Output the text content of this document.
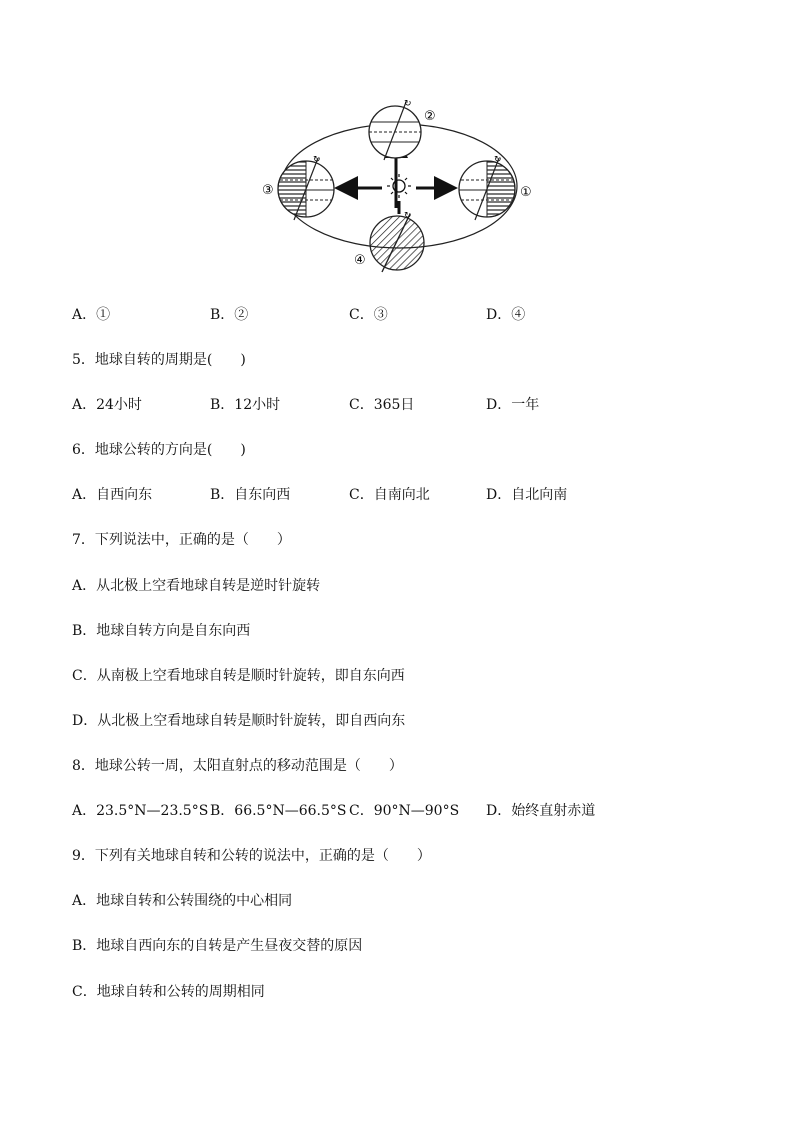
↻
②
↻
③
↻
①
↻
④
A．①	B．②	C．③	D．④
5．地球自转的周期是(　　)
A．24小时	B．12小时	C．365日	D．一年
6．地球公转的方向是(　　)
A．自西向东	B．自东向西	C．自南向北	D．自北向南
7．下列说法中，正确的是（　　）
A．从北极上空看地球自转是逆时针旋转
B．地球自转方向是自东向西
C．从南极上空看地球自转是顺时针旋转，即自东向西
D．从北极上空看地球自转是顺时针旋转，即自西向东
8．地球公转一周，太阳直射点的移动范围是（　　）
A．23.5°N—23.5°S B．66.5°N—66.5°S C．90°N—90°S D．始终直射赤道
9．下列有关地球自转和公转的说法中，正确的是（　　）
A．地球自转和公转围绕的中心相同
B．地球自西向东的自转是产生昼夜交替的原因
C．地球自转和公转的周期相同
